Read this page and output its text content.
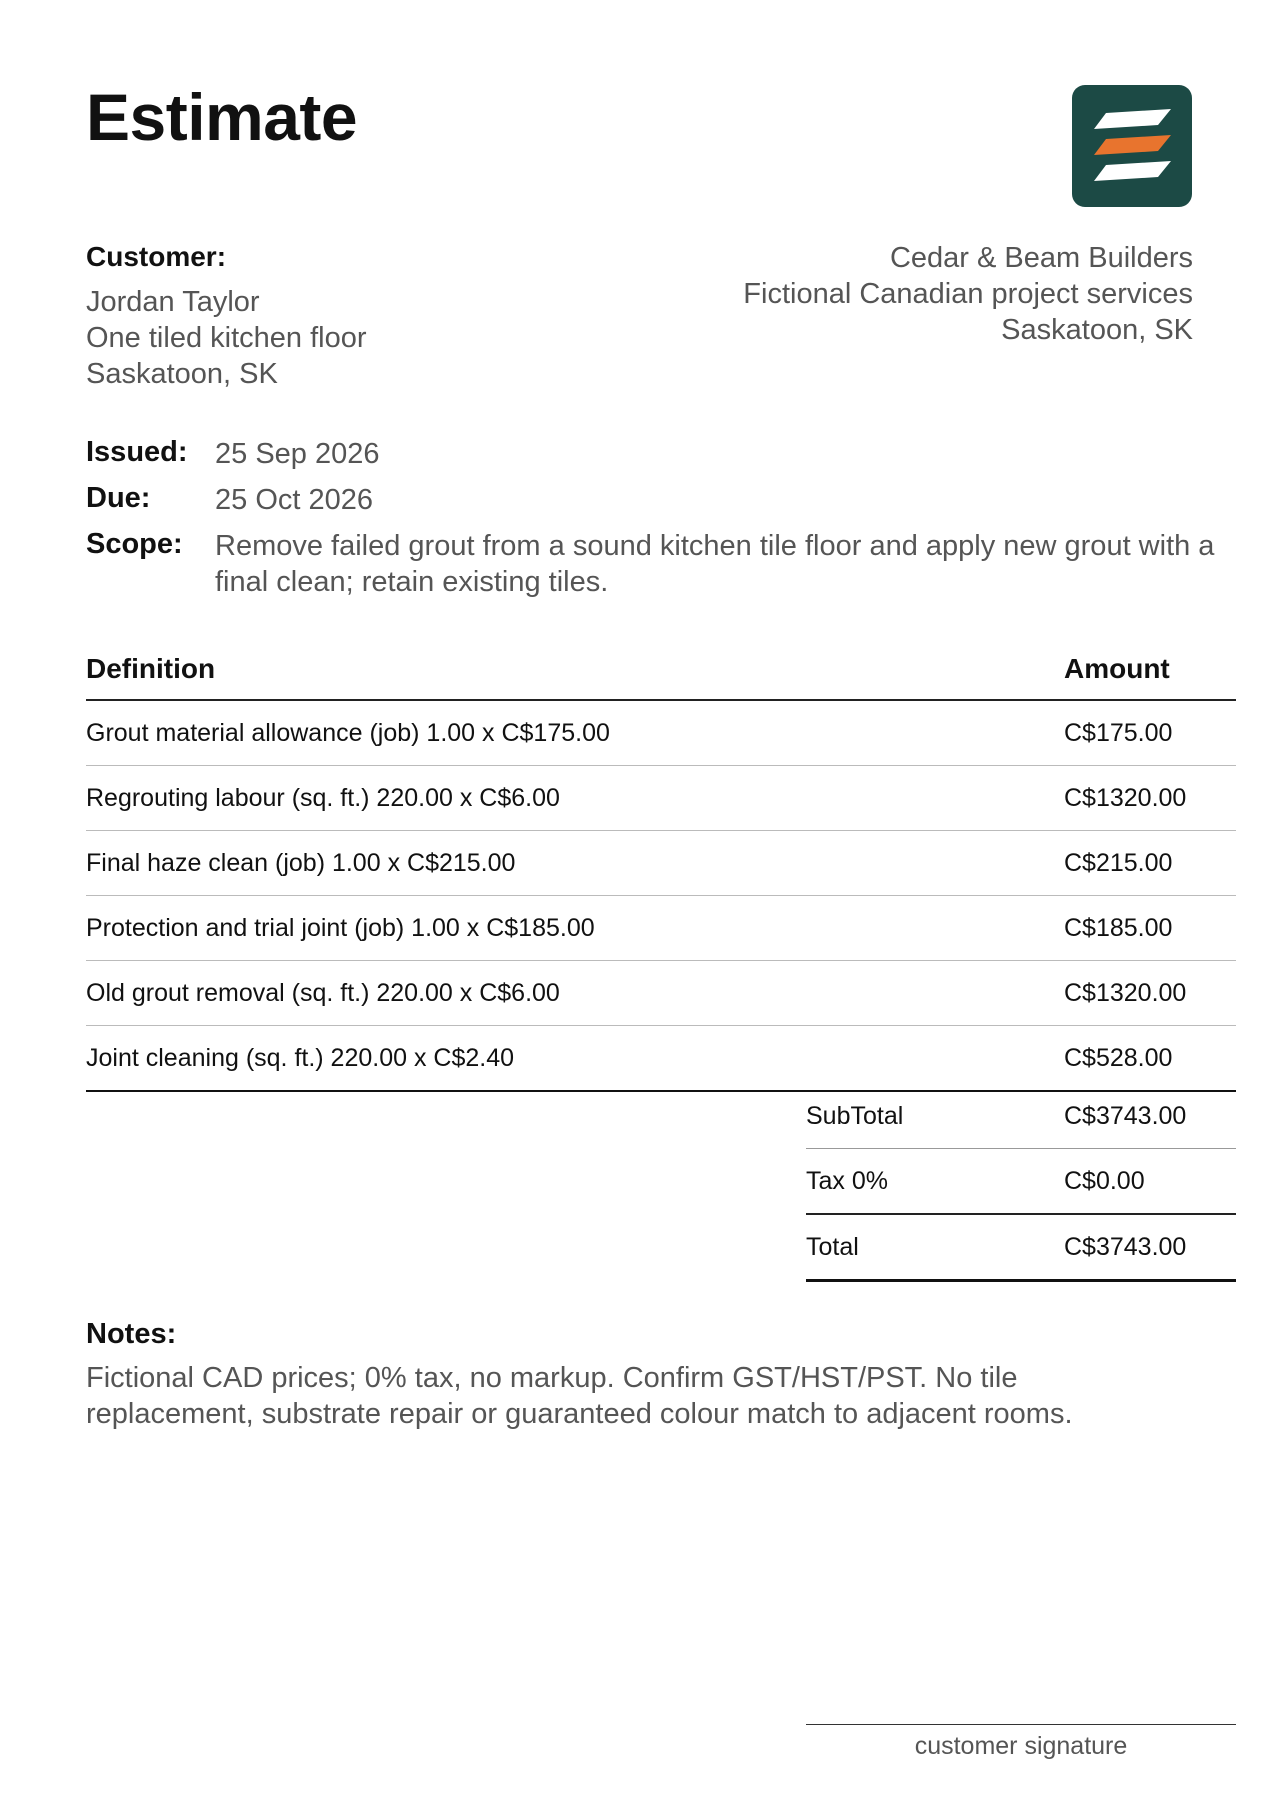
Estimate
Customer:
Jordan Taylor
One tiled kitchen floor
Saskatoon, SK
Cedar & Beam Builders
Fictional Canadian project services
Saskatoon, SK
Issued: 25 Sep 2026
Due:	25 Oct 2026
Scope:	Remove failed grout from a sound kitchen tile floor and apply new grout with a final clean; retain existing tiles.
Definition	Amount
Grout material allowance (job) 1.00 x C$175.00	C$175.00
Regrouting labour (sq. ft.) 220.00 x C$6.00	C$1320.00
Final haze clean (job) 1.00 x C$215.00	C$215.00
Protection and trial joint (job) 1.00 x C$185.00	C$185.00
Old grout removal (sq. ft.) 220.00 x C$6.00	C$1320.00
Joint cleaning (sq. ft.) 220.00 x C$2.40	C$528.00
SubTotal	C$3743.00
Tax 0%	C$0.00
Total	C$3743.00
Notes:
Fictional CAD prices; 0% tax, no markup. Confirm GST/HST/PST. No tile replacement, substrate repair or guaranteed colour match to adjacent rooms.
customer signature
